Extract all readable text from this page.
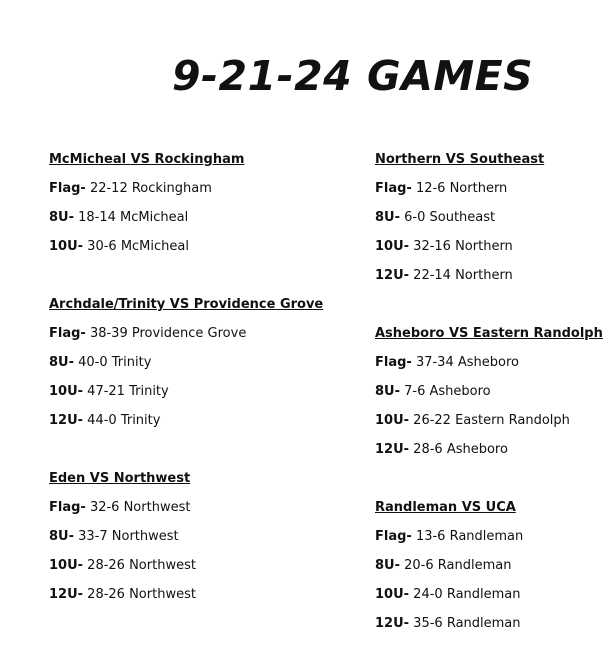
9-21-24 GAMES
McMicheal VS Rockingham
Flag- 22-12 Rockingham
8U- 18-14 McMicheal
10U- 30-6 McMicheal
Archdale/Trinity VS Providence Grove
Flag- 38-39 Providence Grove
8U- 40-0 Trinity
10U- 47-21 Trinity
12U- 44-0 Trinity
Eden VS Northwest
Flag- 32-6 Northwest
8U- 33-7 Northwest
10U- 28-26 Northwest
12U- 28-26 Northwest
Northern VS Southeast
Flag- 12-6 Northern
8U- 6-0 Southeast
10U- 32-16 Northern
12U- 22-14 Northern
Asheboro VS Eastern Randolph
Flag- 37-34 Asheboro
8U- 7-6 Asheboro
10U- 26-22 Eastern Randolph
12U- 28-6 Asheboro
Randleman VS UCA
Flag- 13-6 Randleman
8U- 20-6 Randleman
10U- 24-0 Randleman
12U- 35-6 Randleman
